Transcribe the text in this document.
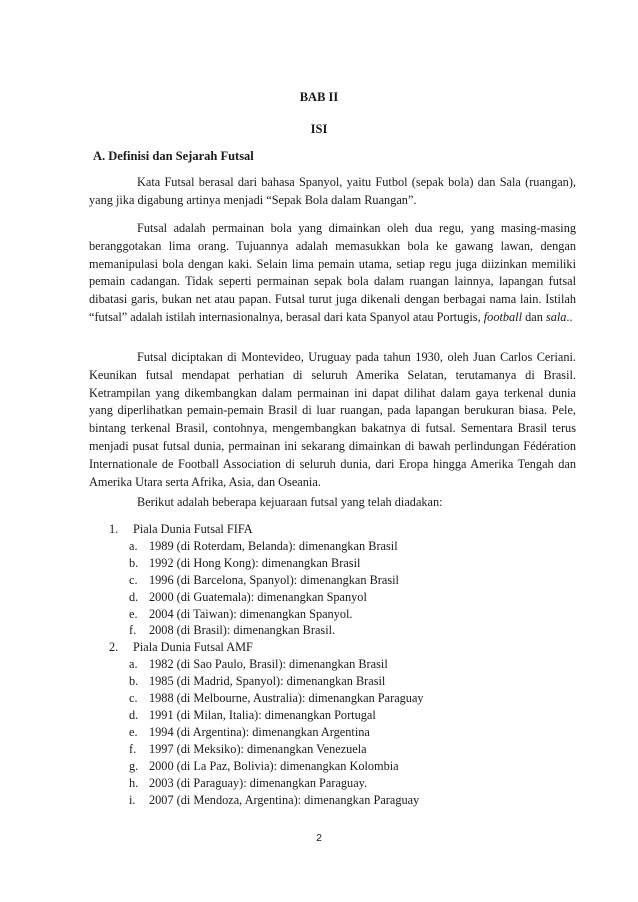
BAB II
ISI
A. Definisi dan Sejarah Futsal

Kata Futsal berasal dari bahasa Spanyol, yaitu Futbol (sepak bola) dan Sala (ruangan), yang jika digabung artinya menjadi “Sepak Bola dalam Ruangan”.

Futsal adalah permainan bola yang dimainkan oleh dua regu, yang masing-masing beranggotakan lima orang. Tujuannya adalah memasukkan bola ke gawang lawan, dengan memanipulasi bola dengan kaki. Selain lima pemain utama, setiap regu juga diizinkan memiliki pemain cadangan. Tidak seperti permainan sepak bola dalam ruangan lainnya, lapangan futsal dibatasi garis, bukan net atau papan. Futsal turut juga dikenali dengan berbagai nama lain. Istilah “futsal” adalah istilah internasionalnya, berasal dari kata Spanyol atau Portugis, football dan sala..

Futsal diciptakan di Montevideo, Uruguay pada tahun 1930, oleh Juan Carlos Ceriani. Keunikan futsal mendapat perhatian di seluruh Amerika Selatan, terutamanya di Brasil. Ketrampilan yang dikembangkan dalam permainan ini dapat dilihat dalam gaya terkenal dunia yang diperlihatkan pemain-pemain Brasil di luar ruangan, pada lapangan berukuran biasa. Pele, bintang terkenal Brasil, contohnya, mengembangkan bakatnya di futsal. Sementara Brasil terus menjadi pusat futsal dunia, permainan ini sekarang dimainkan di bawah perlindungan Fédération Internationale de Football Association di seluruh dunia, dari Eropa hingga Amerika Tengah dan Amerika Utara serta Afrika, Asia, dan Oseania.

Berikut adalah beberapa kejuaraan futsal yang telah diadakan:

1. Piala Dunia Futsal FIFA
a. 1989 (di Roterdam, Belanda): dimenangkan Brasil
b. 1992 (di Hong Kong): dimenangkan Brasil
c. 1996 (di Barcelona, Spanyol): dimenangkan Brasil
d. 2000 (di Guatemala): dimenangkan Spanyol
e. 2004 (di Taiwan): dimenangkan Spanyol.
f. 2008 (di Brasil): dimenangkan Brasil.
2. Piala Dunia Futsal AMF
a. 1982 (di Sao Paulo, Brasil): dimenangkan Brasil
b. 1985 (di Madrid, Spanyol): dimenangkan Brasil
c. 1988 (di Melbourne, Australia): dimenangkan Paraguay
d. 1991 (di Milan, Italia): dimenangkan Portugal
e. 1994 (di Argentina): dimenangkan Argentina
f. 1997 (di Meksiko): dimenangkan Venezuela
g. 2000 (di La Paz, Bolivia): dimenangkan Kolombia
h. 2003 (di Paraguay): dimenangkan Paraguay.
i. 2007 (di Mendoza, Argentina): dimenangkan Paraguay
2
